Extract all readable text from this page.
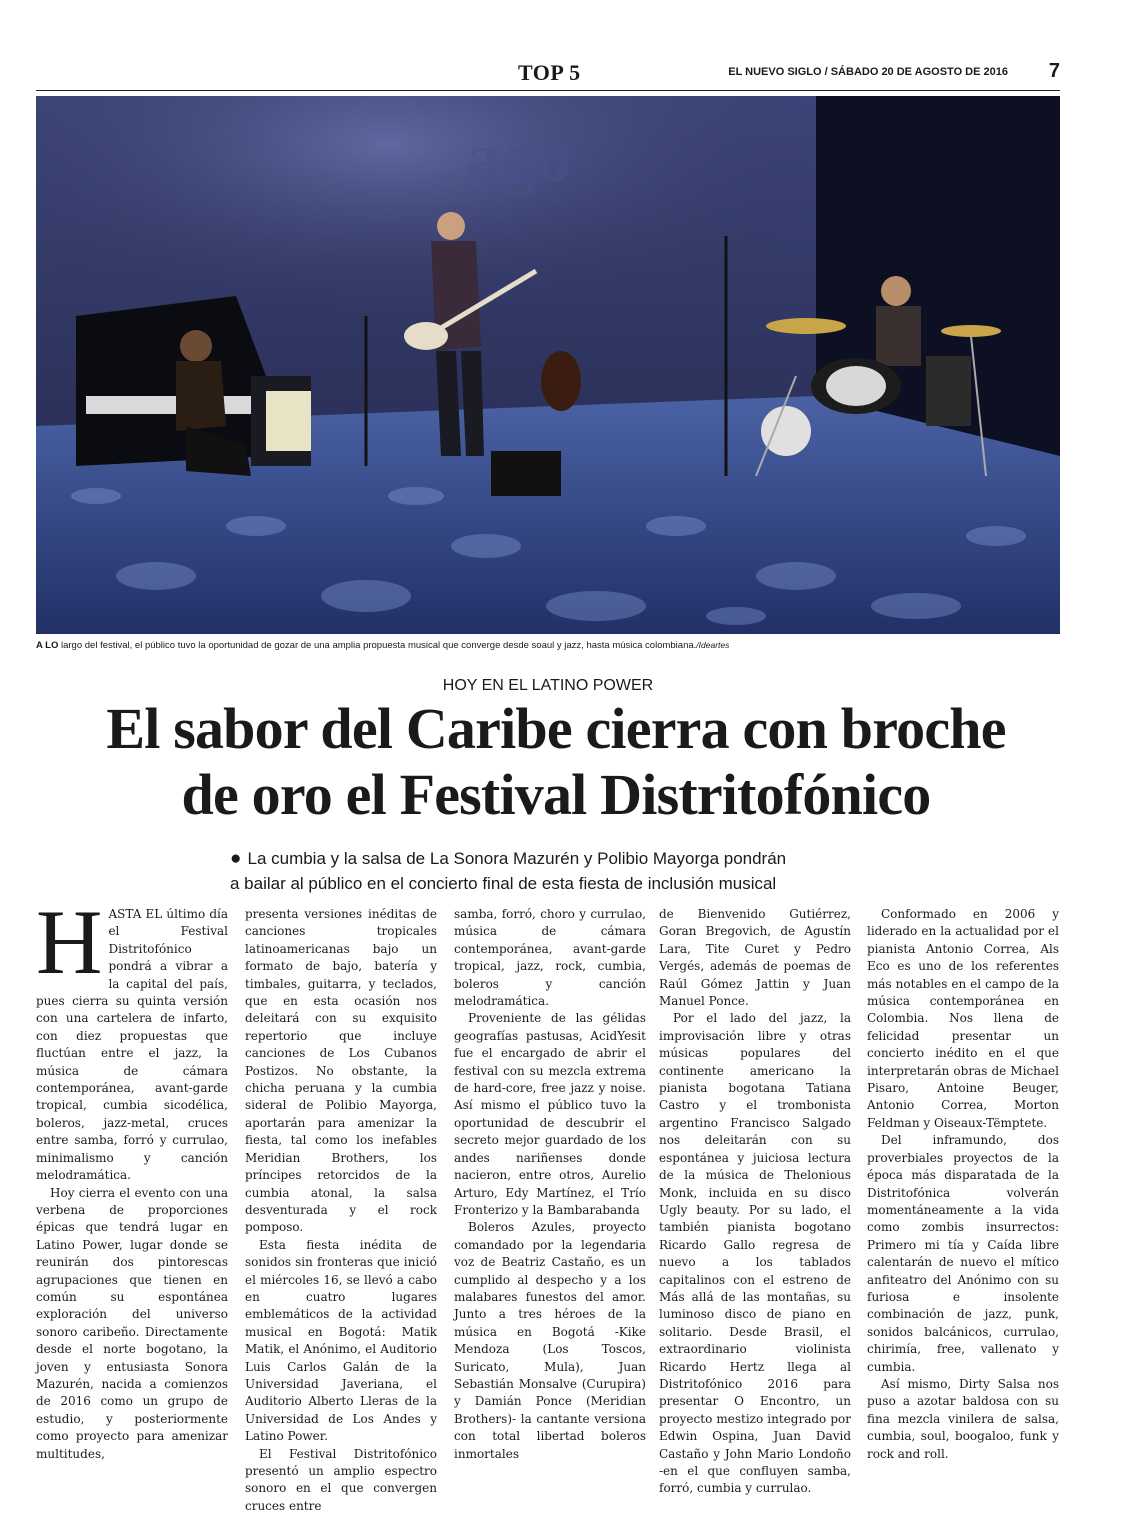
TOP 5	EL NUEVO SIGLO / SÁBADO 20 DE AGOSTO DE 2016 7
ago
A LO largo del festival, el público tuvo la oportunidad de gozar de una amplia propuesta musical que converge desde soaul y jazz, hasta música colombiana./Ideartes
HOY EN EL LATINO POWER
El sabor del Caribe cierra con broche
de oro el Festival Distritofónico
● La cumbia y la salsa de La Sonora Mazurén y Polibio Mayorga pondrán
a bailar al público en el concierto final de esta fiesta de inclusión musical

HASTA EL último día el Festival Distritofónico pondrá a vibrar a la capital del país, pues cierra su quinta versión con una cartelera de infarto, con diez propuestas que fluctúan entre el jazz, la música de cámara contemporánea, avant-garde tropical, cumbia sicodélica, boleros, jazz-metal, cruces entre samba, forró y currulao, minimalismo y canción melodramática.

Hoy cierra el evento con una verbena de proporciones épicas que tendrá lugar en Latino Power, lugar donde se reunirán dos pintorescas agrupaciones que tienen en común su espontánea exploración del universo sonoro caribeño. Directamente desde el norte bogotano, la joven y entusiasta Sonora Mazurén, nacida a comienzos de 2016 como un grupo de estudio, y posteriormente como proyecto para amenizar multitudes,

presenta versiones inéditas de canciones tropicales latinoamericanas bajo un formato de bajo, batería y timbales, guitarra, y teclados, que en esta ocasión nos deleitará con su exquisito repertorio que incluye canciones de Los Cubanos Postizos. No obstante, la chicha peruana y la cumbia sideral de Polibio Mayorga, aportarán para amenizar la fiesta, tal como los inefables Meridian Brothers, los príncipes retorcidos de la cumbia atonal, la salsa desventurada y el rock pomposo.

Esta fiesta inédita de sonidos sin fronteras que inició el miércoles 16, se llevó a cabo en cuatro lugares emblemáticos de la actividad musical en Bogotá: Matik Matik, el Anónimo, el Auditorio Luis Carlos Galán de la Universidad Javeriana, el Auditorio Alberto Lleras de la Universidad de Los Andes y Latino Power.

El Festival Distritofónico presentó un amplio espectro sonoro en el que convergen cruces entre

samba, forró, choro y currulao, música de cámara contemporánea, avant-garde tropical, jazz, rock, cumbia, boleros y canción melodramática.

Proveniente de las gélidas geografías pastusas, AcidYesit fue el encargado de abrir el festival con su mezcla extrema de hard-core, free jazz y noise. Así mismo el público tuvo la oportunidad de descubrir el secreto mejor guardado de los andes nariñenses donde nacieron, entre otros, Aurelio Arturo, Edy Martínez, el Trío Fronterizo y la Bambarabanda

Boleros Azules, proyecto comandado por la legendaria voz de Beatriz Castaño, es un cumplido al despecho y a los malabares funestos del amor. Junto a tres héroes de la música en Bogotá -Kike Mendoza (Los Toscos, Suricato, Mula), Juan Sebastián Monsalve (Curupira) y Damián Ponce (Meridian Brothers)- la cantante versiona con total libertad boleros inmortales

de Bienvenido Gutiérrez, Goran Bregovich, de Agustín Lara, Tite Curet y Pedro Vergés, además de poemas de Raúl Gómez Jattin y Juan Manuel Ponce.

Por el lado del jazz, la improvisación libre y otras músicas populares del continente americano la pianista bogotana Tatiana Castro y el trombonista argentino Francisco Salgado nos deleitarán con su espontánea y juiciosa lectura de la música de Thelonious Monk, incluida en su disco Ugly beauty. Por su lado, el también pianista bogotano Ricardo Gallo regresa de nuevo a los tablados capitalinos con el estreno de Más allá de las montañas, su luminoso disco de piano en solitario. Desde Brasil, el extraordinario violinista Ricardo Hertz llega al Distritofónico 2016 para presentar O Encontro, un proyecto mestizo integrado por Edwin Ospina, Juan David Castaño y John Mario Londoño -en el que confluyen samba, forró, cumbia y currulao.

Conformado en 2006 y liderado en la actualidad por el pianista Antonio Correa, Als Eco es uno de los referentes más notables en el campo de la música contemporánea en Colombia. Nos llena de felicidad presentar un concierto inédito en el que interpretarán obras de Michael Pisaro, Antoine Beuger, Antonio Correa, Morton Feldman y Oiseaux-Tëmptete.

Del inframundo, dos proverbiales proyectos de la época más disparatada de la Distritofónica volverán momentáneamente a la vida como zombis insurrectos: Primero mi tía y Caída libre calentarán de nuevo el mítico anfiteatro del Anónimo con su furiosa e insolente combinación de jazz, punk, sonidos balcánicos, currulao, chirimía, free, vallenato y cumbia.

Así mismo, Dirty Salsa nos puso a azotar baldosa con su fina mezcla vinilera de salsa, cumbia, soul, boogaloo, funk y rock and roll.
